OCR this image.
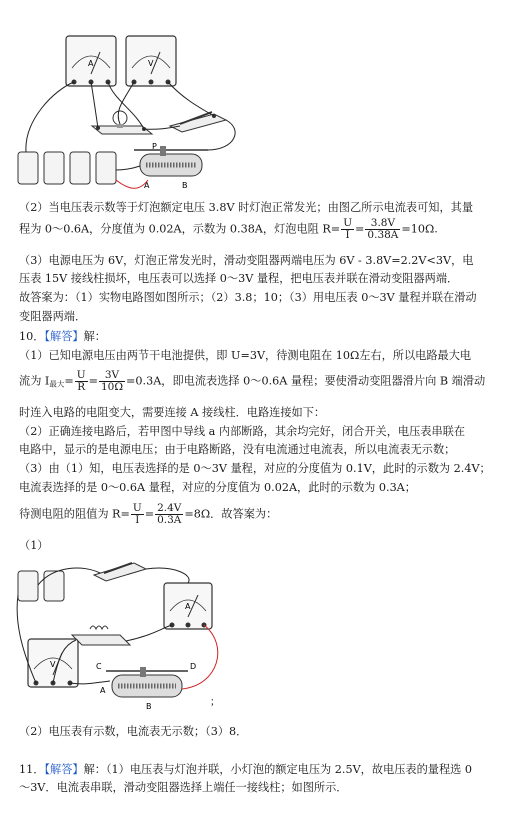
A	V
P
A	B
（2）当电压表示数等于灯泡额定电压 3.8V 时灯泡正常发光；由图乙所示电流表可知，其量
程为 0～0.6A，分度值为 0.02A，示数为 0.38A，灯泡电阻 $R= \frac{U}{I} = \frac{3.8V}{0.38A} =10\Omega$.
（3）电源电压为 6V，灯泡正常发光时，滑动变阻器两端电压为 6V - 3.8V=2.2V<3V，电
压表 15V 接线柱损坏，电压表可以选择 0～3V 量程，把电压表并联在滑动变阻器两端．
故答案为：（1）实物电路图如图所示；（2）3.8；10；（3）用电压表 0～3V 量程并联在滑动
变阻器两端．
10．【解答】解：
（1）已知电源电压由两节干电池提供，即 U=3V，待测电阻在 10Ω左右，所以电路最大电
流为 $I_{最大}= \frac{U}{R} = \frac{3V}{10\Omega} =0.3A$，即电流表选择 0～0.6A 量程；要使滑动变阻器滑片向 B 端滑动
时连入电路的电阻变大，需要连接 A 接线柱．电路连接如下：
（2）正确连接电路后，若甲图中导线 a 内部断路，其余均完好，闭合开关，电压表串联在
电路中，显示的是电源电压；由于电路断路，没有电流通过电流表，所以电流表无示数；
（3）由（1）知，电压表选择的是 0～3V 量程，对应的分度值为 0.1V，此时的示数为 2.4V；
电流表选择的是 0～0.6A 量程，对应的分度值为 0.02A，此时的示数为 0.3A；
待测电阻的阻值为 $R= \frac{U}{I} = \frac{2.4V}{0.3A} =8\Omega$．故答案为：
（1）
A
V	C	D
A
B	；
（2）电压表有示数，电流表无示数；（3）8．
11．【解答】解：（1）电压表与灯泡并联，小灯泡的额定电压为 2.5V，故电压表的量程选 0
～3V．电流表串联，滑动变阻器选择上端任一接线柱；如图所示．
